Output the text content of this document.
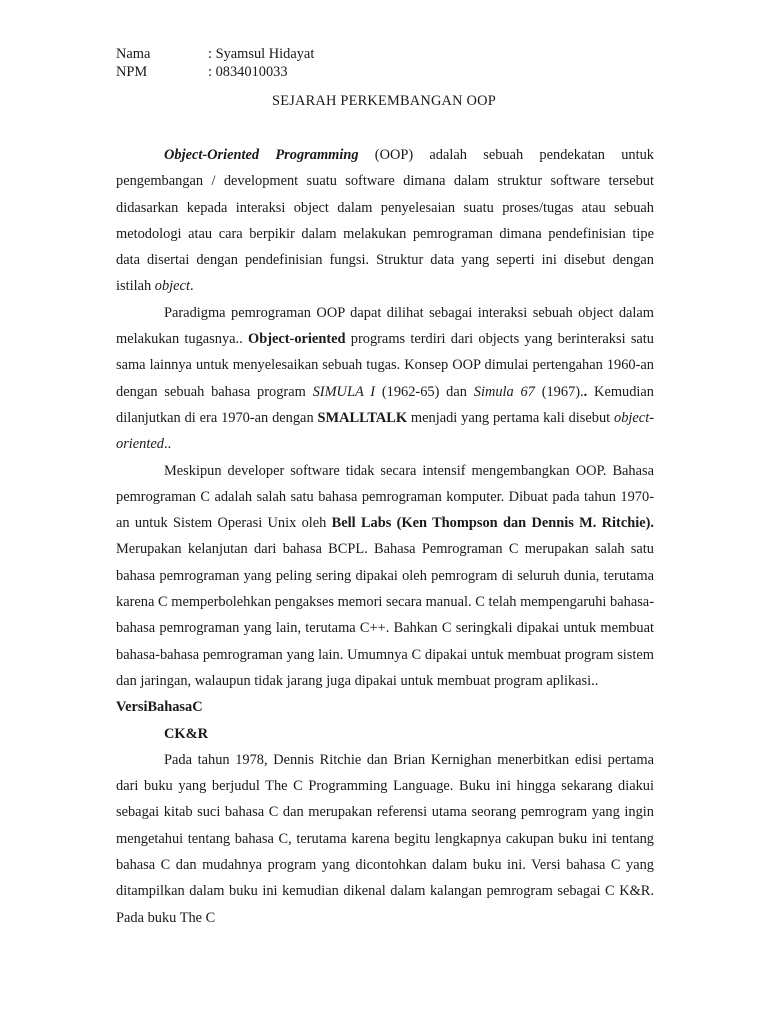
Nama	: Syamsul Hidayat
NPM	: 0834010033
SEJARAH PERKEMBANGAN OOP

Object-Oriented Programming (OOP) adalah sebuah pendekatan untuk pengembangan / development suatu software dimana dalam struktur software tersebut didasarkan kepada interaksi object dalam penyelesaian suatu proses/tugas atau sebuah metodologi atau cara berpikir dalam melakukan pemrograman dimana pendefinisian tipe data disertai dengan pendefinisian fungsi. Struktur data yang seperti ini disebut dengan istilah object.

Paradigma pemrograman OOP dapat dilihat sebagai interaksi sebuah object dalam melakukan tugasnya.. Object-oriented programs terdiri dari objects yang berinteraksi satu sama lainnya untuk menyelesaikan sebuah tugas. Konsep OOP dimulai pertengahan 1960-an dengan sebuah bahasa program SIMULA I (1962-65) dan Simula 67 (1967).. Kemudian dilanjutkan di era 1970-an dengan SMALLTALK menjadi yang pertama kali disebut object-oriented..

Meskipun developer software tidak secara intensif mengembangkan OOP. Bahasa pemrograman C adalah salah satu bahasa pemrograman komputer. Dibuat pada tahun 1970-an untuk Sistem Operasi Unix oleh Bell Labs (Ken Thompson dan Dennis M. Ritchie). Merupakan kelanjutan dari bahasa BCPL. Bahasa Pemrograman C merupakan salah satu bahasa pemrograman yang peling sering dipakai oleh pemrogram di seluruh dunia, terutama karena C memperbolehkan pengakses memori secara manual. C telah mempengaruhi bahasa-bahasa pemrograman yang lain, terutama C++. Bahkan C seringkali dipakai untuk membuat bahasa-bahasa pemrograman yang lain. Umumnya C dipakai untuk membuat program sistem dan jaringan, walaupun tidak jarang juga dipakai untuk membuat program aplikasi..

VersiBahasaC

CK&R

Pada tahun 1978, Dennis Ritchie dan Brian Kernighan menerbitkan edisi pertama dari buku yang berjudul The C Programming Language. Buku ini hingga sekarang diakui sebagai kitab suci bahasa C dan merupakan referensi utama seorang pemrogram yang ingin mengetahui tentang bahasa C, terutama karena begitu lengkapnya cakupan buku ini tentang bahasa C dan mudahnya program yang dicontohkan dalam buku ini. Versi bahasa C yang ditampilkan dalam buku ini kemudian dikenal dalam kalangan pemrogram sebagai C K&R. Pada buku The C
